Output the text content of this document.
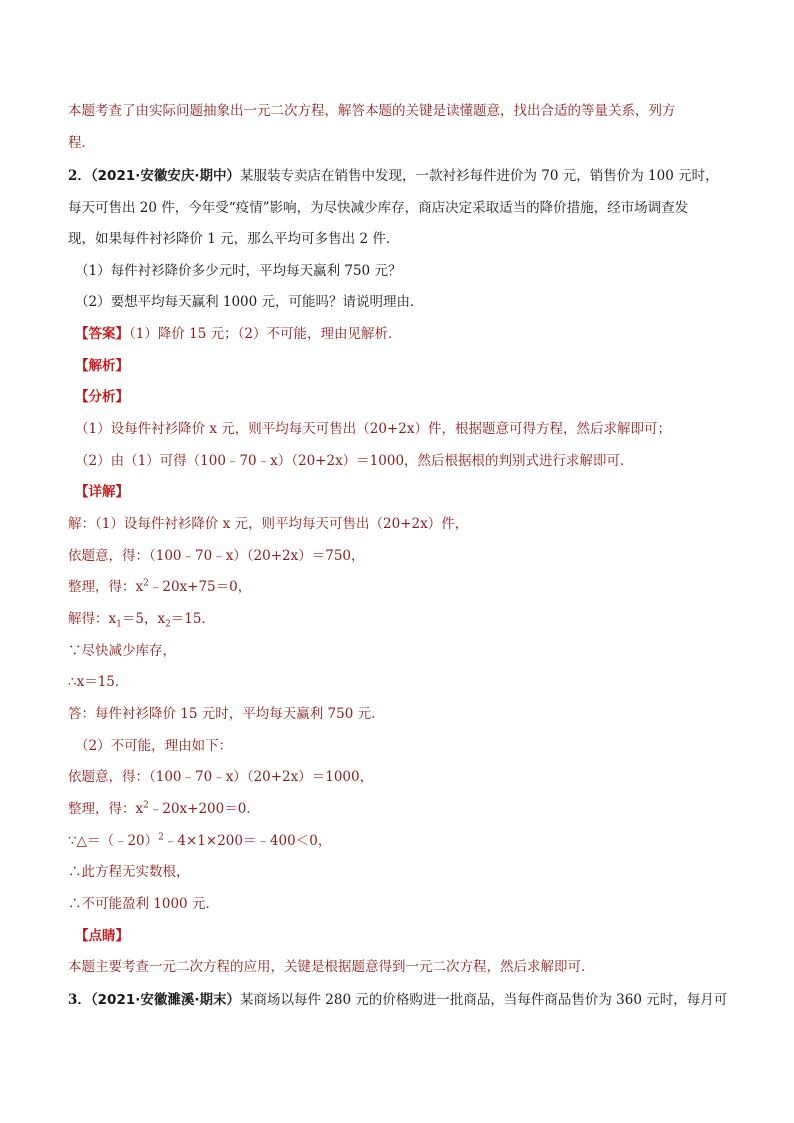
本题考查了由实际问题抽象出一元二次方程，解答本题的关键是读懂题意，找出合适的等量关系，列方
程．
2．（2021·安徽安庆·期中）某服装专卖店在销售中发现，一款衬衫每件进价为 70 元，销售价为 100 元时，
每天可售出 20 件，今年受“疫情”影响，为尽快减少库存，商店决定采取适当的降价措施，经市场调查发
现，如果每件衬衫降价 1 元，那么平均可多售出 2 件．
（1）每件衬衫降价多少元时，平均每天赢利 750 元？
（2）要想平均每天赢利 1000 元，可能吗？请说明理由．
【答案】（1）降价 15 元；（2）不可能，理由见解析．
【解析】
【分析】
（1）设每件衬衫降价 x 元，则平均每天可售出（20+2x）件，根据题意可得方程，然后求解即可；
（2）由（1）可得（100﹣70﹣x）（20+2x）＝1000，然后根据根的判别式进行求解即可．
【详解】
解：（1）设每件衬衫降价 x 元，则平均每天可售出（20+2x）件，
依题意，得：（100﹣70﹣x）（20+2x）＝750，
整理，得：$x^2﹣20x+75=0$，
解得：$x_1=5$，$x_2=15$．
∵尽快减少库存，
∴x＝15．
答：每件衬衫降价 15 元时，平均每天赢利 750 元．
（2）不可能，理由如下：
依题意，得：（100﹣70﹣x）（20+2x）＝1000，
整理，得：$x^2﹣20x+200=0$．
∵△＝（﹣20）$^2$﹣4×1×200＝﹣400＜0，
∴此方程无实数根，
∴不可能盈利 1000 元．
【点睛】
本题主要考查一元二次方程的应用，关键是根据题意得到一元二次方程，然后求解即可．
3．（2021·安徽濉溪·期末）某商场以每件 280 元的价格购进一批商品，当每件商品售价为 360 元时，每月可
